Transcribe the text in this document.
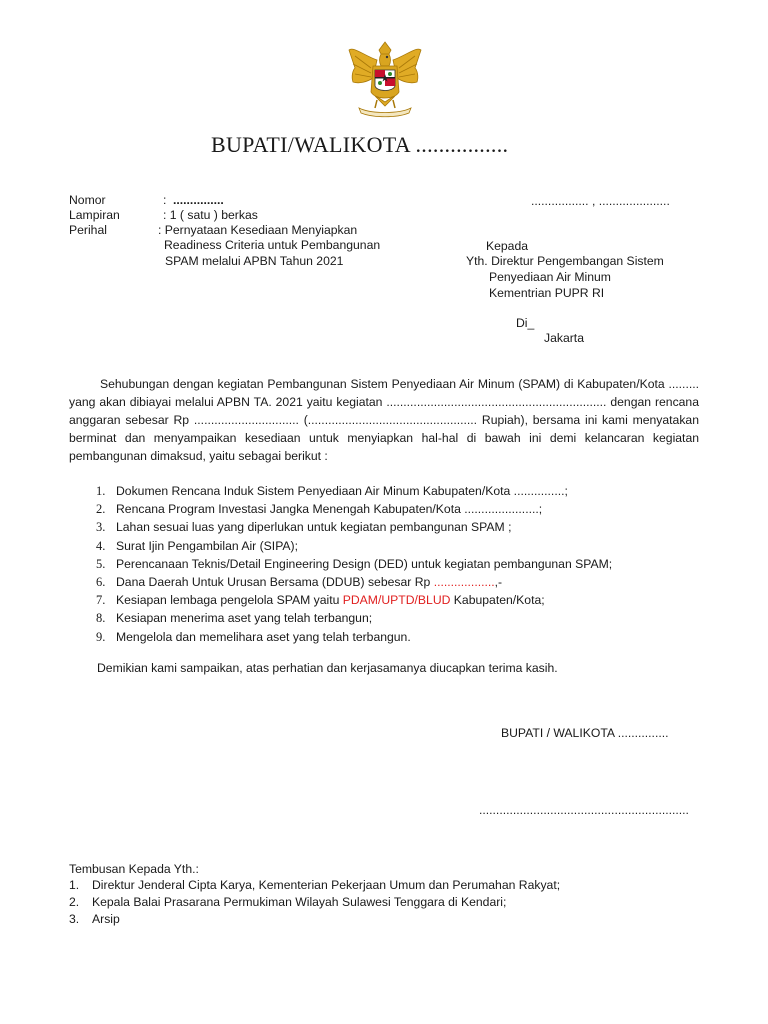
BUPATI/WALIKOTA ................
Nomor	: ...............	................. , .....................
Lampiran	: 1 ( satu ) berkas
Perihal	: Pernyataan Kesediaan Menyiapkan
Readiness Criteria untuk Pembangunan
SPAM melalui APBN Tahun 2021
Kepada
Yth. Direktur Pengembangan Sistem
Penyediaan Air Minum
Kementrian PUPR RI
Di_
Jakarta
Sehubungan dengan kegiatan Pembangunan Sistem Penyediaan Air Minum (SPAM) di Kabupaten/Kota ......... yang akan dibiayai melalui APBN TA. 2021 yaitu kegiatan ................................................................. dengan rencana anggaran sebesar Rp ............................... (.................................................. Rupiah), bersama ini kami menyatakan berminat dan menyampaikan kesediaan untuk menyiapkan hal-hal di bawah ini demi kelancaran kegiatan pembangunan dimaksud, yaitu sebagai berikut :
1. Dokumen Rencana Induk Sistem Penyediaan Air Minum Kabupaten/Kota ...............;
2. Rencana Program Investasi Jangka Menengah Kabupaten/Kota ......................;
3. Lahan sesuai luas yang diperlukan untuk kegiatan pembangunan SPAM ;
4. Surat Ijin Pengambilan Air (SIPA);
5. Perencanaan Teknis/Detail Engineering Design (DED) untuk kegiatan pembangunan SPAM;
6. Dana Daerah Untuk Urusan Bersama (DDUB) sebesar Rp ..................,-
7. Kesiapan lembaga pengelola SPAM yaitu PDAM/UPTD/BLUD Kabupaten/Kota;
8. Kesiapan menerima aset yang telah terbangun;
9. Mengelola dan memelihara aset yang telah terbangun.
Demikian kami sampaikan, atas perhatian dan kerjasamanya diucapkan terima kasih.
BUPATI / WALIKOTA ...............
..............................................................
Tembusan Kepada Yth.:
1. Direktur Jenderal Cipta Karya, Kementerian Pekerjaan Umum dan Perumahan Rakyat;
2. Kepala Balai Prasarana Permukiman Wilayah Sulawesi Tenggara di Kendari;
3. Arsip
